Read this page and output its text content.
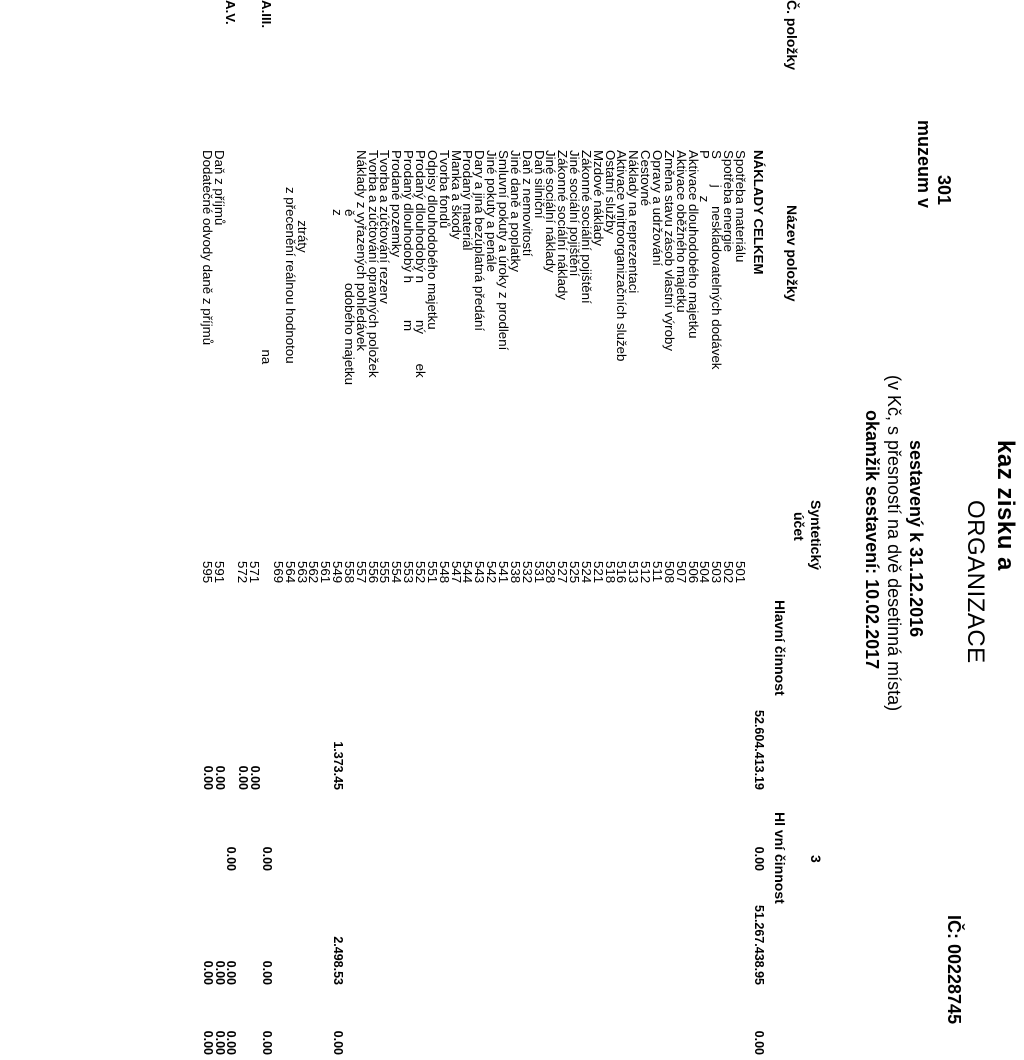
muzeum v 301
kaz zisku a
ORGANIZACE
IČ: 00228745
sestavený k 31.12.2016
(v Kč, s přesností na dvě desetinná místa)
okamžik sestavení: 10.02.2017
3
Č. položky
Název položky
Syntetický
účet
Hlavní činnost
Hl vní činnost
NÁKLADY CELKEM
52.604.413.19
0.00
51.267.438.95
0.00
Spotřeba materiálu
501
Spotřeba energie
502
S       j     neskladovatelných dodávek
503
P          z
504
Aktivace dlouhodobého majetku
506
Aktivace oběžného majetku
507
Změna stavu zásob vlastní výroby
508
Opravy a udržování
511
Cestovné
512
Náklady na reprezentaci
513
Aktivace vnitroorganizačních služeb
516
Ostatní služby
518
Mzdové náklady
521
Zákonné sociální pojištění
524
Jiné sociální pojištění
525
Zákonné sociální náklady
527
Jiné sociální náklady
528
Daň silniční
531
Daň z nemovitostí
532
Jiné daně a poplatky
538
Smluvní pokuty a úroky z prodlení
541
Jiné pokuty a penále
542
Dary a jiná bezúplatná předání
543
Prodaný materiál
544
Manka a škody
547
Tvorba fondů
548
Odpisy dlouhodobého majetku
551
Prodaný dlouhodobý n          ný        ek
552
Prodaný dlouhodobý h          m
553
Prodané pozemky
554
Tvorba a zúčtování rezerv
555
Tvorba a zúčtování opravných položek
556
Náklady z vyřazených pohledávek
557
ě                  odobého majetku
558
z
549
1.373.45
2.498.53
0.00
561
562
ztráty
563
z přecenění reálnou hodnotou
564
569
A.III.
na
0.00
0.00
0.00
571
0.00
572
0.00
A.V.
0.00
0.00
0.00
Daň z příjmů
591
0.00
0.00
0.00
Dodatečné odvody daně z příjmů
595
0.00
0.00
0.00
